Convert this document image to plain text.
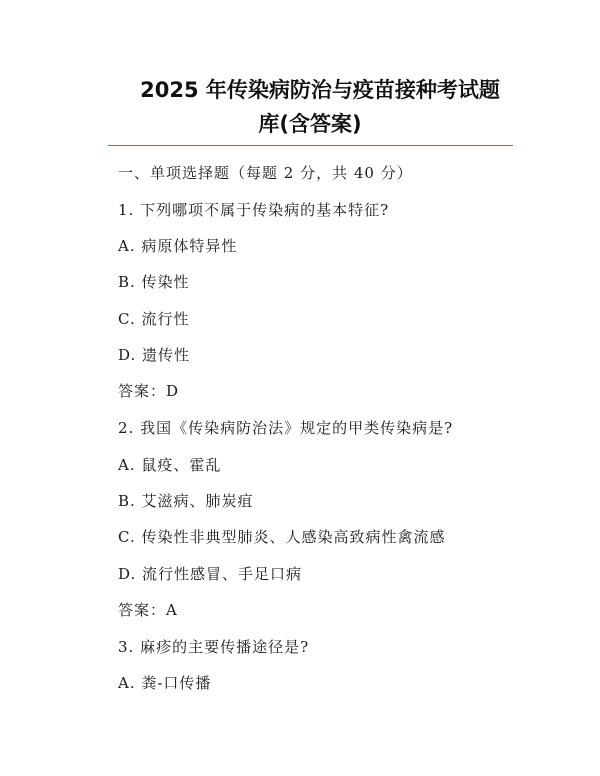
2025 年传染病防治与疫苗接种考试题
库(含答案)
一、单项选择题（每题 2 分，共 40 分）
1. 下列哪项不属于传染病的基本特征?
A. 病原体特异性
B. 传染性
C. 流行性
D. 遗传性
答案：D
2. 我国《传染病防治法》规定的甲类传染病是?
A. 鼠疫、霍乱
B. 艾滋病、肺炭疽
C. 传染性非典型肺炎、人感染高致病性禽流感
D. 流行性感冒、手足口病
答案：A
3. 麻疹的主要传播途径是?
A. 粪-口传播
